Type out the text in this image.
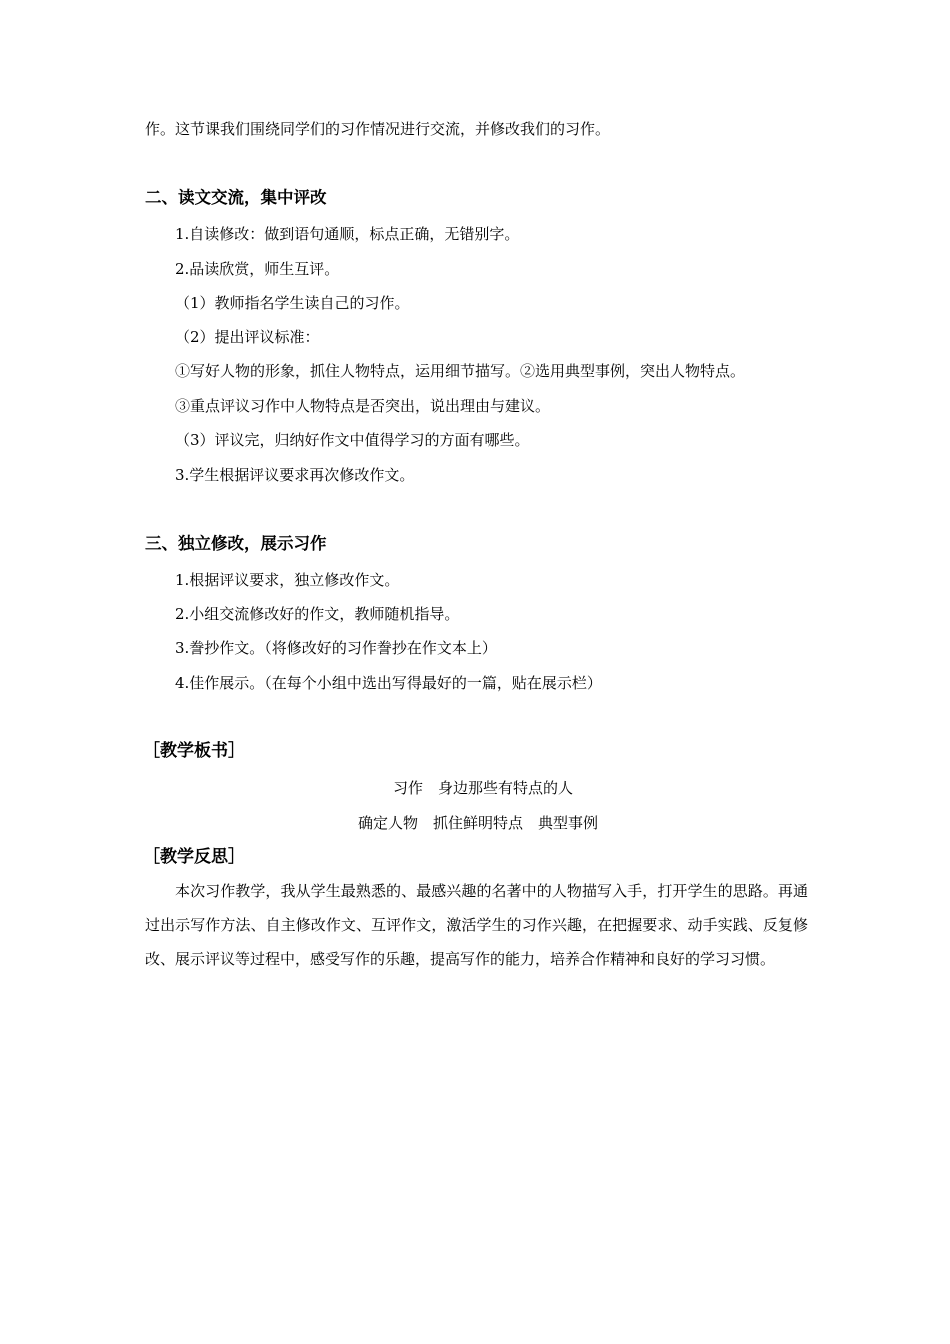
作。这节课我们围绕同学们的习作情况进行交流，并修改我们的习作。
二、读文交流，集中评改
1.自读修改：做到语句通顺，标点正确，无错别字。
2.品读欣赏，师生互评。
（1）教师指名学生读自己的习作。
（2）提出评议标准：
①写好人物的形象，抓住人物特点，运用细节描写。②选用典型事例，突出人物特点。
③重点评议习作中人物特点是否突出，说出理由与建议。
（3）评议完，归纳好作文中值得学习的方面有哪些。
3.学生根据评议要求再次修改作文。
三、独立修改，展示习作
1.根据评议要求，独立修改作文。
2.小组交流修改好的作文，教师随机指导。
3.誊抄作文。（将修改好的习作誊抄在作文本上）
4.佳作展示。（在每个小组中选出写得最好的一篇，贴在展示栏）
［教学板书］
习作　身边那些有特点的人
确定人物　抓住鲜明特点　典型事例
［教学反思］
本次习作教学，我从学生最熟悉的、最感兴趣的名著中的人物描写入手，打开学生的思路。再通过出示写作方法、自主修改作文、互评作文，激活学生的习作兴趣，在把握要求、动手实践、反复修改、展示评议等过程中，感受写作的乐趣，提高写作的能力，培养合作精神和良好的学习习惯。
